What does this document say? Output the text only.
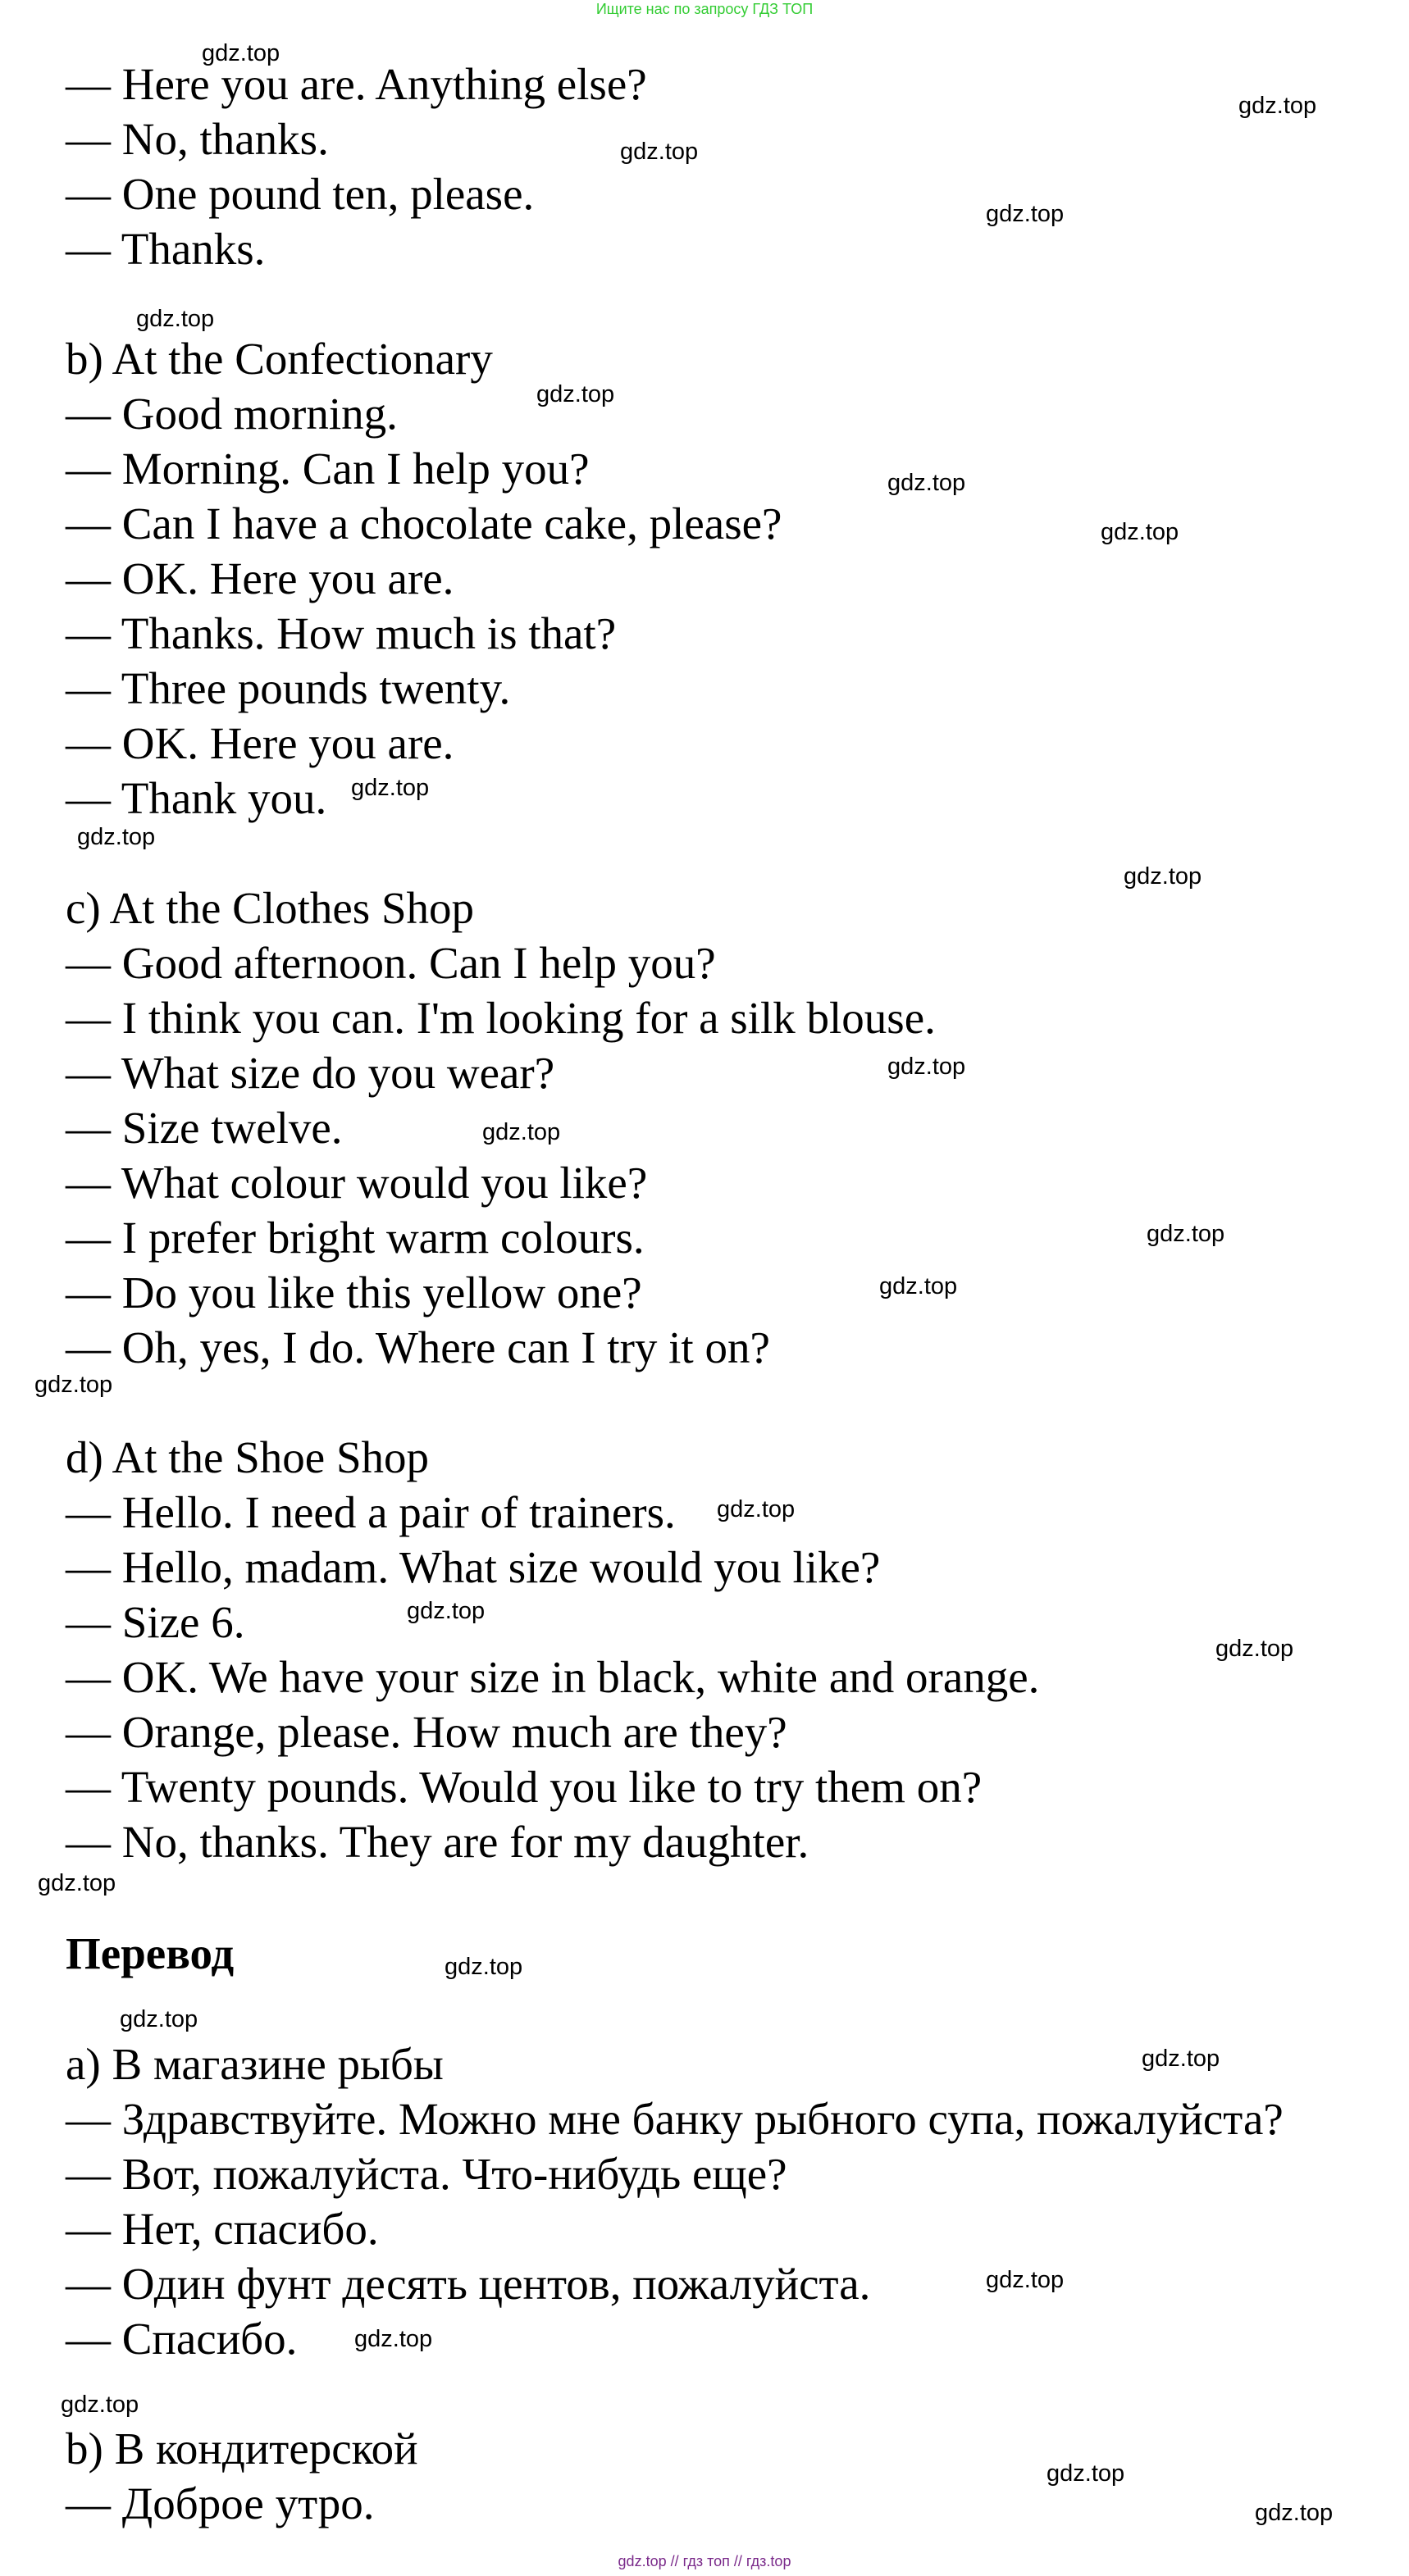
Ищите нас по запросу ГДЗ ТОП

— Here you are. Anything else?

— No, thanks.

— One pound ten, please.

— Thanks.

b) At the Confectionary

— Good morning.

— Morning. Can I help you?

— Can I have a chocolate cake, please?

— OK. Here you are.

— Thanks. How much is that?

— Three pounds twenty.

— OK. Here you are.

— Thank you.

c) At the Clothes Shop

— Good afternoon. Can I help you?

— I think you can. I'm looking for a silk blouse.

— What size do you wear?

— Size twelve.

— What colour would you like?

— I prefer bright warm colours.

— Do you like this yellow one?

— Oh, yes, I do. Where can I try it on?

d) At the Shoe Shop

— Hello. I need a pair of trainers.

— Hello, madam. What size would you like?

— Size 6.

— OK. We have your size in black, white and orange.

— Orange, please. How much are they?

— Twenty pounds. Would you like to try them on?

— No, thanks. They are for my daughter.

Перевод

а) В магазине рыбы

— Здравствуйте. Можно мне банку рыбного супа, пожалуйста?

— Вот, пожалуйста. Что-нибудь еще?

— Нет, спасибо.

— Один фунт десять центов, пожалуйста.

— Спасибо.

b) В кондитерской

— Доброе утро.

gdz.top
gdz.top
gdz.top
gdz.top
gdz.top
gdz.top
gdz.top
gdz.top
gdz.top
gdz.top
gdz.top
gdz.top
gdz.top
gdz.top
gdz.top
gdz.top
gdz.top
gdz.top
gdz.top
gdz.top
gdz.top
gdz.top
gdz.top
gdz.top
gdz.top
gdz.top
gdz.top
gdz.top
gdz.top // гдз топ // гдз.top
